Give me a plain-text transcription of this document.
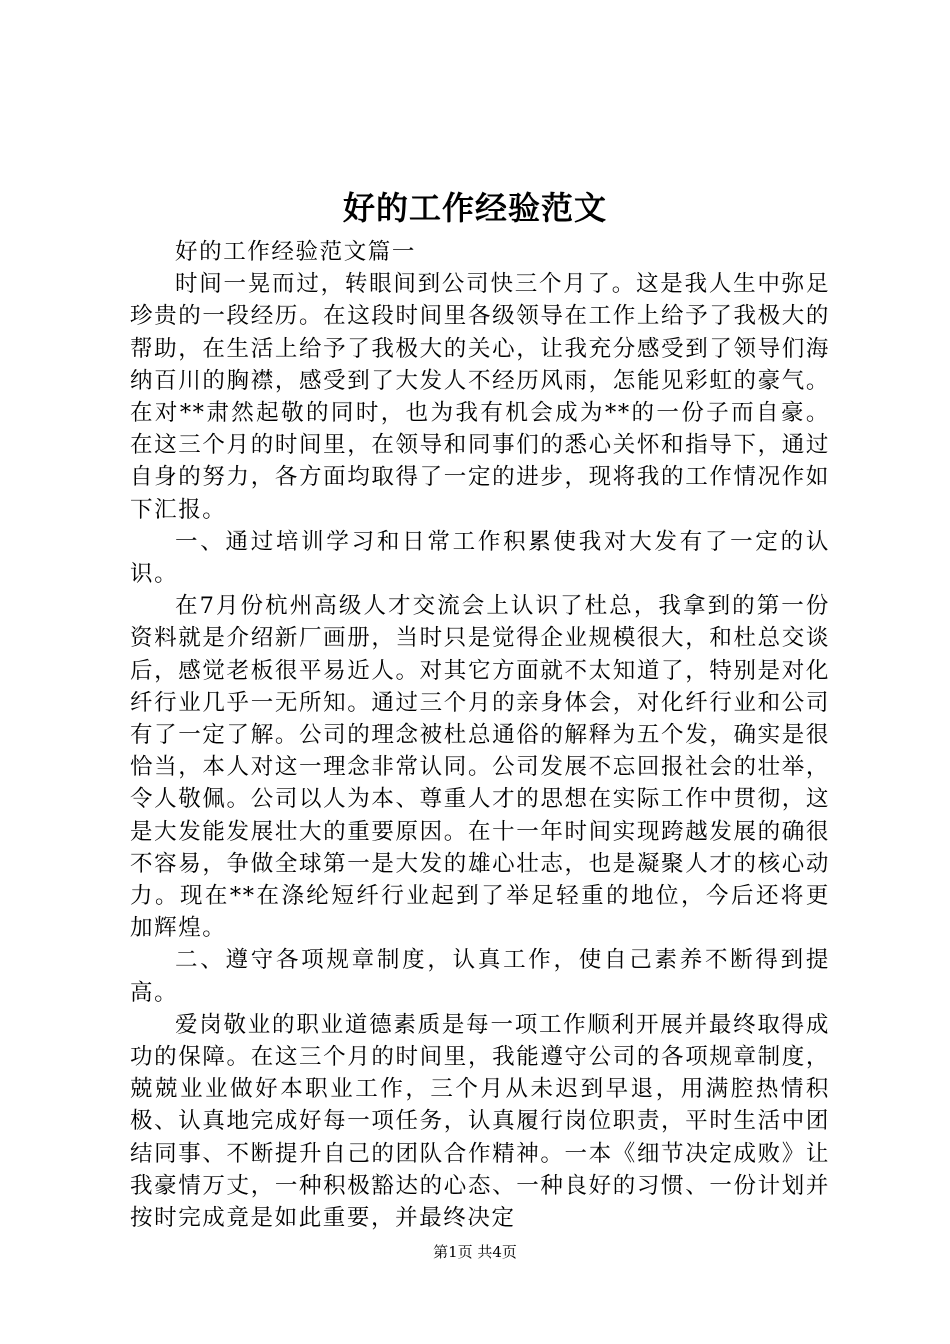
好的工作经验范文

好的工作经验范文篇一

时间一晃而过，转眼间到公司快三个月了。这是我人生中弥足珍贵的一段经历。在这段时间里各级领导在工作上给予了我极大的帮助，在生活上给予了我极大的关心，让我充分感受到了领导们海纳百川的胸襟，感受到了大发人不经历风雨，怎能见彩虹的豪气。在对**肃然起敬的同时，也为我有机会成为**的一份子而自豪。在这三个月的时间里，在领导和同事们的悉心关怀和指导下，通过自身的努力，各方面均取得了一定的进步，现将我的工作情况作如下汇报。

一、通过培训学习和日常工作积累使我对大发有了一定的认识。

在7月份杭州高级人才交流会上认识了杜总，我拿到的第一份资料就是介绍新厂画册，当时只是觉得企业规模很大，和杜总交谈后，感觉老板很平易近人。对其它方面就不太知道了，特别是对化纤行业几乎一无所知。通过三个月的亲身体会，对化纤行业和公司有了一定了解。公司的理念被杜总通俗的解释为五个发，确实是很恰当，本人对这一理念非常认同。公司发展不忘回报社会的壮举，令人敬佩。公司以人为本、尊重人才的思想在实际工作中贯彻，这是大发能发展壮大的重要原因。在十一年时间实现跨越发展的确很不容易，争做全球第一是大发的雄心壮志，也是凝聚人才的核心动力。现在**在涤纶短纤行业起到了举足轻重的地位，今后还将更加辉煌。

二、遵守各项规章制度，认真工作，使自己素养不断得到提高。

爱岗敬业的职业道德素质是每一项工作顺利开展并最终取得成功的保障。在这三个月的时间里，我能遵守公司的各项规章制度，兢兢业业做好本职业工作，三个月从未迟到早退，用满腔热情积极、认真地完成好每一项任务，认真履行岗位职责，平时生活中团结同事、不断提升自己的团队合作精神。一本《细节决定成败》让我豪情万丈，一种积极豁达的心态、一种良好的习惯、一份计划并按时完成竟是如此重要，并最终决定

第1页 共4页
